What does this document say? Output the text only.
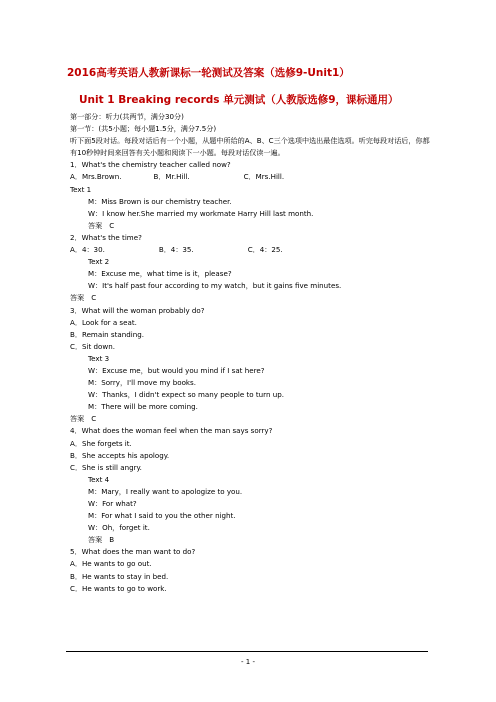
2016高考英语人教新课标一轮测试及答案（选修9-Unit1）
Unit 1 Breaking records 单元测试（人教版选修9，课标通用）
第一部分：听力(共两节，满分30分)
第一节：(共5小题；每小题1.5分，满分7.5分)
听下面5段对话。每段对话后有一个小题，从题中所给的A、B、C三个选项中选出最佳选项。听完每段对话后，你都有10秒钟时间来回答有关小题和阅读下一小题。每段对话仅读一遍。
1．What's the chemistry teacher called now?
A．Mrs.Brown.	B．Mr.Hill.	C．Mrs.Hill.
Text 1
M：Miss Brown is our chemistry teacher.
W：I know her.She married my workmate Harry Hill last month.
答案　C
2．What's the time?
A．4：30.	B．4：35.	C．4：25.
Text 2
M：Excuse me，what time is it，please?
W：It's half past four according to my watch，but it gains five minutes.
答案　C
3．What will the woman probably do?
A．Look for a seat.
B．Remain standing.
C．Sit down.
Text 3
W：Excuse me，but would you mind if I sat here?
M：Sorry，I'll move my books.
W：Thanks，I didn't expect so many people to turn up.
M：There will be more coming.
答案　C
4．What does the woman feel when the man says sorry?
A．She forgets it.
B．She accepts his apology.
C．She is still angry.
Text 4
M：Mary，I really want to apologize to you.
W：For what?
M：For what I said to you the other night.
W：Oh，forget it.
答案　B
5．What does the man want to do?
A．He wants to go out.
B．He wants to stay in bed.
C．He wants to go to work.
- 1 -
